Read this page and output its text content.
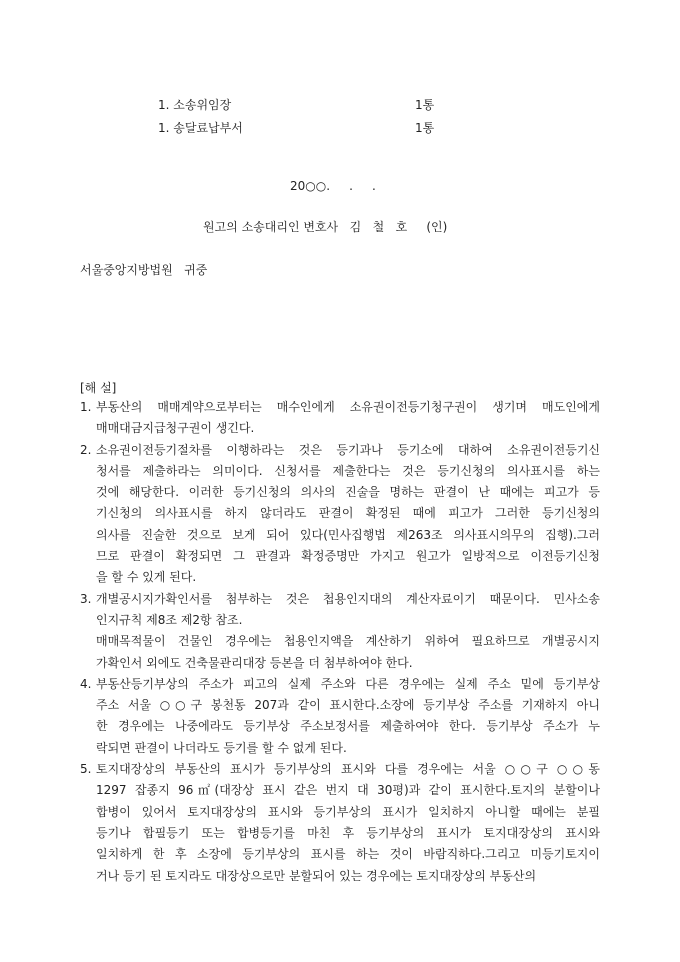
1. 소송위임장	1통
1. 송달료납부서	1통
20○○.     .     .
원고의 소송대리인 변호사   김   철   호     (인)
서울중앙지방법원   귀중
[해 설]
1. 부동산의 매매계약으로부터는 매수인에게 소유권이전등기청구권이 생기며 매도인에게
매매대금지급청구권이 생긴다.
2. 소유권이전등기절차를 이행하라는 것은 등기과나 등기소에 대하여 소유권이전등기신
청서를 제출하라는 의미이다. 신청서를 제출한다는 것은 등기신청의 의사표시를 하는
것에 해당한다. 이러한 등기신청의 의사의 진술을 명하는 판결이 난 때에는 피고가 등
기신청의 의사표시를 하지 않더라도 판결이 확정된 때에 피고가 그러한 등기신청의
의사를 진술한 것으로 보게 되어 있다(민사집행법 제263조 의사표시의무의 집행).그러
므로 판결이 확정되면 그 판결과 확정증명만 가지고 원고가 일방적으로 이전등기신청
을 할 수 있게 된다.
3. 개별공시지가확인서를 첨부하는 것은 첩용인지대의 계산자료이기 때문이다. 민사소송
인지규칙 제8조 제2항 참조.
매매목적물이 건물인 경우에는 첩용인지액을 계산하기 위하여 필요하므로 개별공시지
가확인서 외에도 건축물관리대장 등본을 더 첨부하여야 한다.
4. 부동산등기부상의 주소가 피고의 실제 주소와 다른 경우에는 실제 주소 밑에 등기부상
주소 서울 ○○구 봉천동 207과 같이 표시한다.소장에 등기부상 주소를 기재하지 아니
한 경우에는 나중에라도 등기부상 주소보정서를 제출하여야 한다. 등기부상 주소가 누
락되면 판결이 나더라도 등기를 할 수 없게 된다.
5. 토지대장상의 부동산의 표시가 등기부상의 표시와 다를 경우에는 서울 ○○구 ○○동
1297 잡종지 96㎡(대장상 표시 같은 번지 대 30평)과 같이 표시한다.토지의 분할이나
합병이 있어서 토지대장상의 표시와 등기부상의 표시가 일치하지 아니할 때에는 분필
등기나 합필등기 또는 합병등기를 마친 후 등기부상의 표시가 토지대장상의 표시와
일치하게 한 후 소장에 등기부상의 표시를 하는 것이 바람직하다.그리고 미등기토지이
거나 등기 된 토지라도 대장상으로만 분할되어 있는 경우에는 토지대장상의 부동산의
